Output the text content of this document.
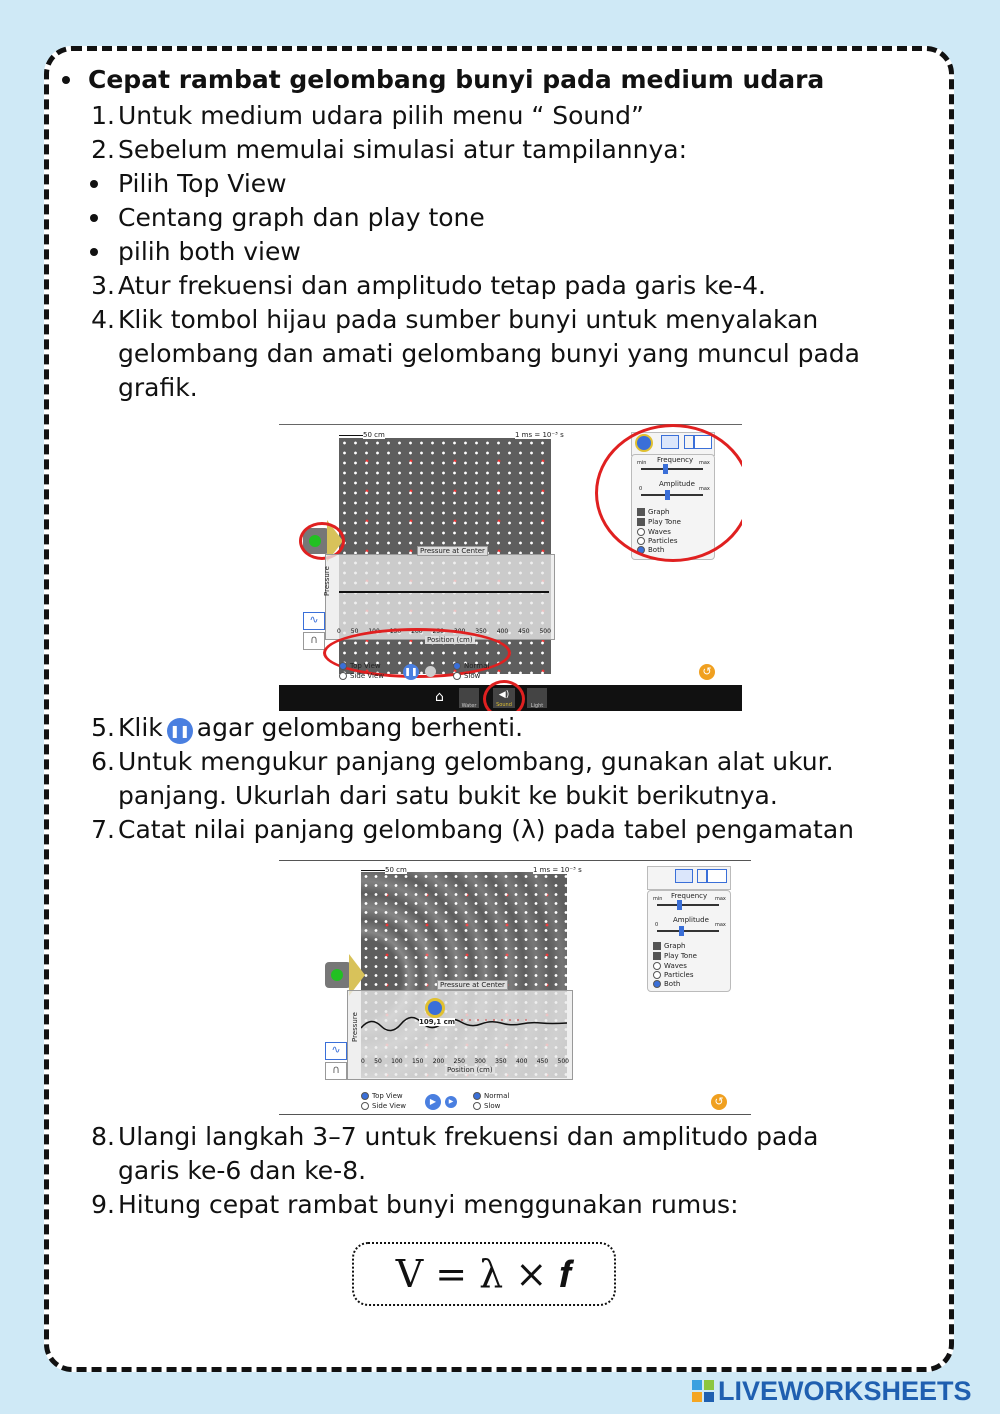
Cepat rambat gelombang bunyi pada medium udara
1. Untuk medium udara pilih menu “ Sound”
2. Sebelum memulai simulasi atur tampilannya:
Pilih Top View
Centang graph dan play tone
pilih both view
3. Atur frekuensi dan amplitudo tetap pada garis ke-4.
4. Klik tombol hijau pada sumber bunyi untuk menyalakan
gelombang dan amati gelombang bunyi yang muncul pada
grafik.
50 cm	1 ms = 10⁻³ s
Pressure at Center
Pressure
0 50 100 150 200 250 300 350 400 450 500
Position (cm)
∿
∩
Top View
Side View	❚❚
Normal
Slow	↺
Frequency
min	max
Amplitude
0	max
Graph
Play Tone
Waves
Particles
Both
⌂
Water
◀)
Sound	Light
5. Klik ❚❚ agar gelombang berhenti.
6. Untuk mengukur panjang gelombang, gunakan alat ukur.
panjang. Ukurlah dari satu bukit ke bukit berikutnya.
7. Catat nilai panjang gelombang (λ) pada tabel pengamatan
50 cm	1 ms = 10⁻³ s
Pressure at Center
Pressure	109,1 cm
0 50 100 150 200 250 300 350 400 450 500
Position (cm)
∿
∩
Top View
Side View	▶	▶
Normal
Slow	↺
Frequency
min	max
Amplitude
0	max
Graph
Play Tone
Waves
Particles
Both
8. Ulangi langkah 3–7 untuk frekuensi dan amplitudo pada
garis ke-6 dan ke-8.
9. Hitung cepat rambat bunyi menggunakan rumus:
V = λ × 𝒇
LIVEWORKSHEETS
